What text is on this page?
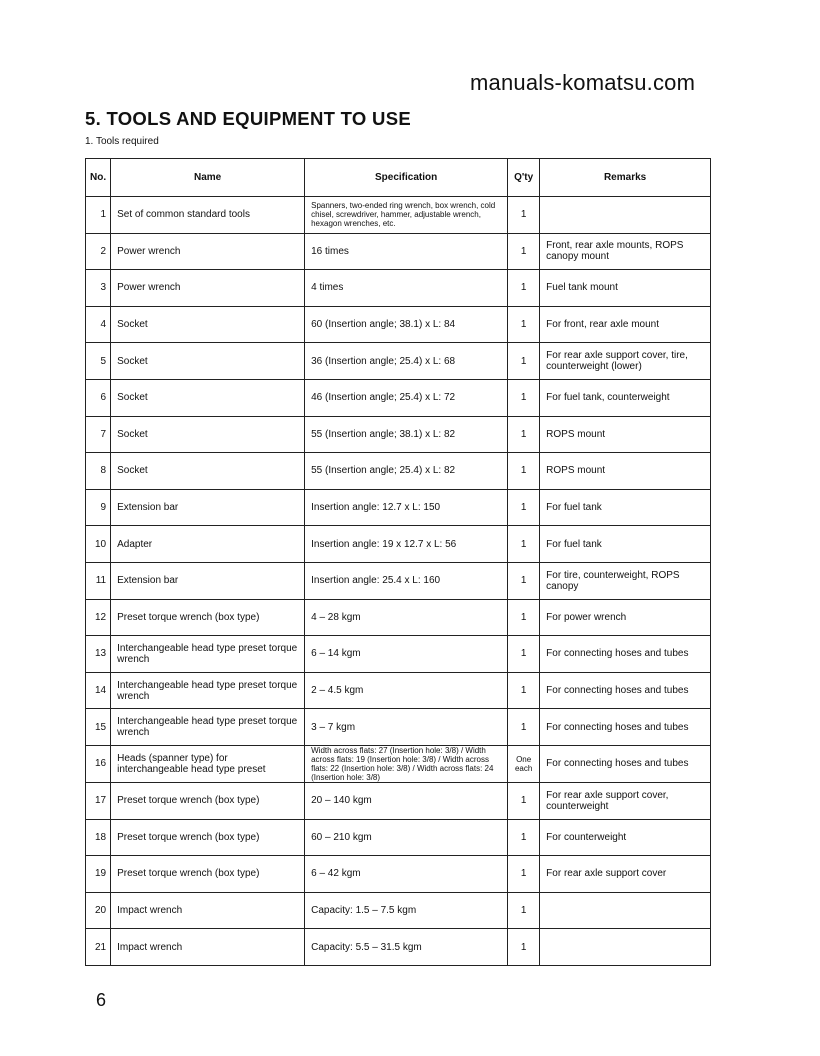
manuals-komatsu.com
5. TOOLS AND EQUIPMENT TO USE
1. Tools required
No.	Name	Specification	Q'ty	Remarks
1	Set of common standard tools	Spanners, two-ended ring wrench, box wrench, cold chisel, screwdriver, hammer, adjustable wrench, hexagon wrenches, etc.	1	
2	Power wrench	16 times	1	Front, rear axle mounts, ROPS canopy mount
3	Power wrench	4 times	1	Fuel tank mount
4	Socket	60 (Insertion angle; 38.1) x L: 84	1	For front, rear axle mount
5	Socket	36 (Insertion angle; 25.4) x L: 68	1	For rear axle support cover, tire, counterweight (lower)
6	Socket	46 (Insertion angle; 25.4) x L: 72	1	For fuel tank, counterweight
7	Socket	55 (Insertion angle; 38.1) x L: 82	1	ROPS mount
8	Socket	55 (Insertion angle; 25.4) x L: 82	1	ROPS mount
9	Extension bar	Insertion angle: 12.7 x L: 150	1	For fuel tank
10	Adapter	Insertion angle: 19 x 12.7 x L: 56	1	For fuel tank
11	Extension bar	Insertion angle: 25.4 x L: 160	1	For tire, counterweight, ROPS canopy
12	Preset torque wrench (box type)	4 – 28 kgm	1	For power wrench
13	Interchangeable head type preset torque wrench	6 – 14 kgm	1	For connecting hoses and tubes
14	Interchangeable head type preset torque wrench	2 – 4.5 kgm	1	For connecting hoses and tubes
15	Interchangeable head type preset torque wrench	3 – 7 kgm	1	For connecting hoses and tubes
16	Heads (spanner type) for interchangeable head type preset	Width across flats: 27 (Insertion hole: 3/8) / Width across flats: 19 (Insertion hole: 3/8) / Width across flats: 22 (Insertion hole: 3/8) / Width across flats: 24 (Insertion hole: 3/8)	One each	For connecting hoses and tubes
17	Preset torque wrench (box type)	20 – 140 kgm	1	For rear axle support cover, counterweight
18	Preset torque wrench (box type)	60 – 210 kgm	1	For counterweight
19	Preset torque wrench (box type)	6 – 42 kgm	1	For rear axle support cover
20	Impact wrench	Capacity: 1.5 – 7.5 kgm	1	
21	Impact wrench	Capacity: 5.5 – 31.5 kgm	1	
6
